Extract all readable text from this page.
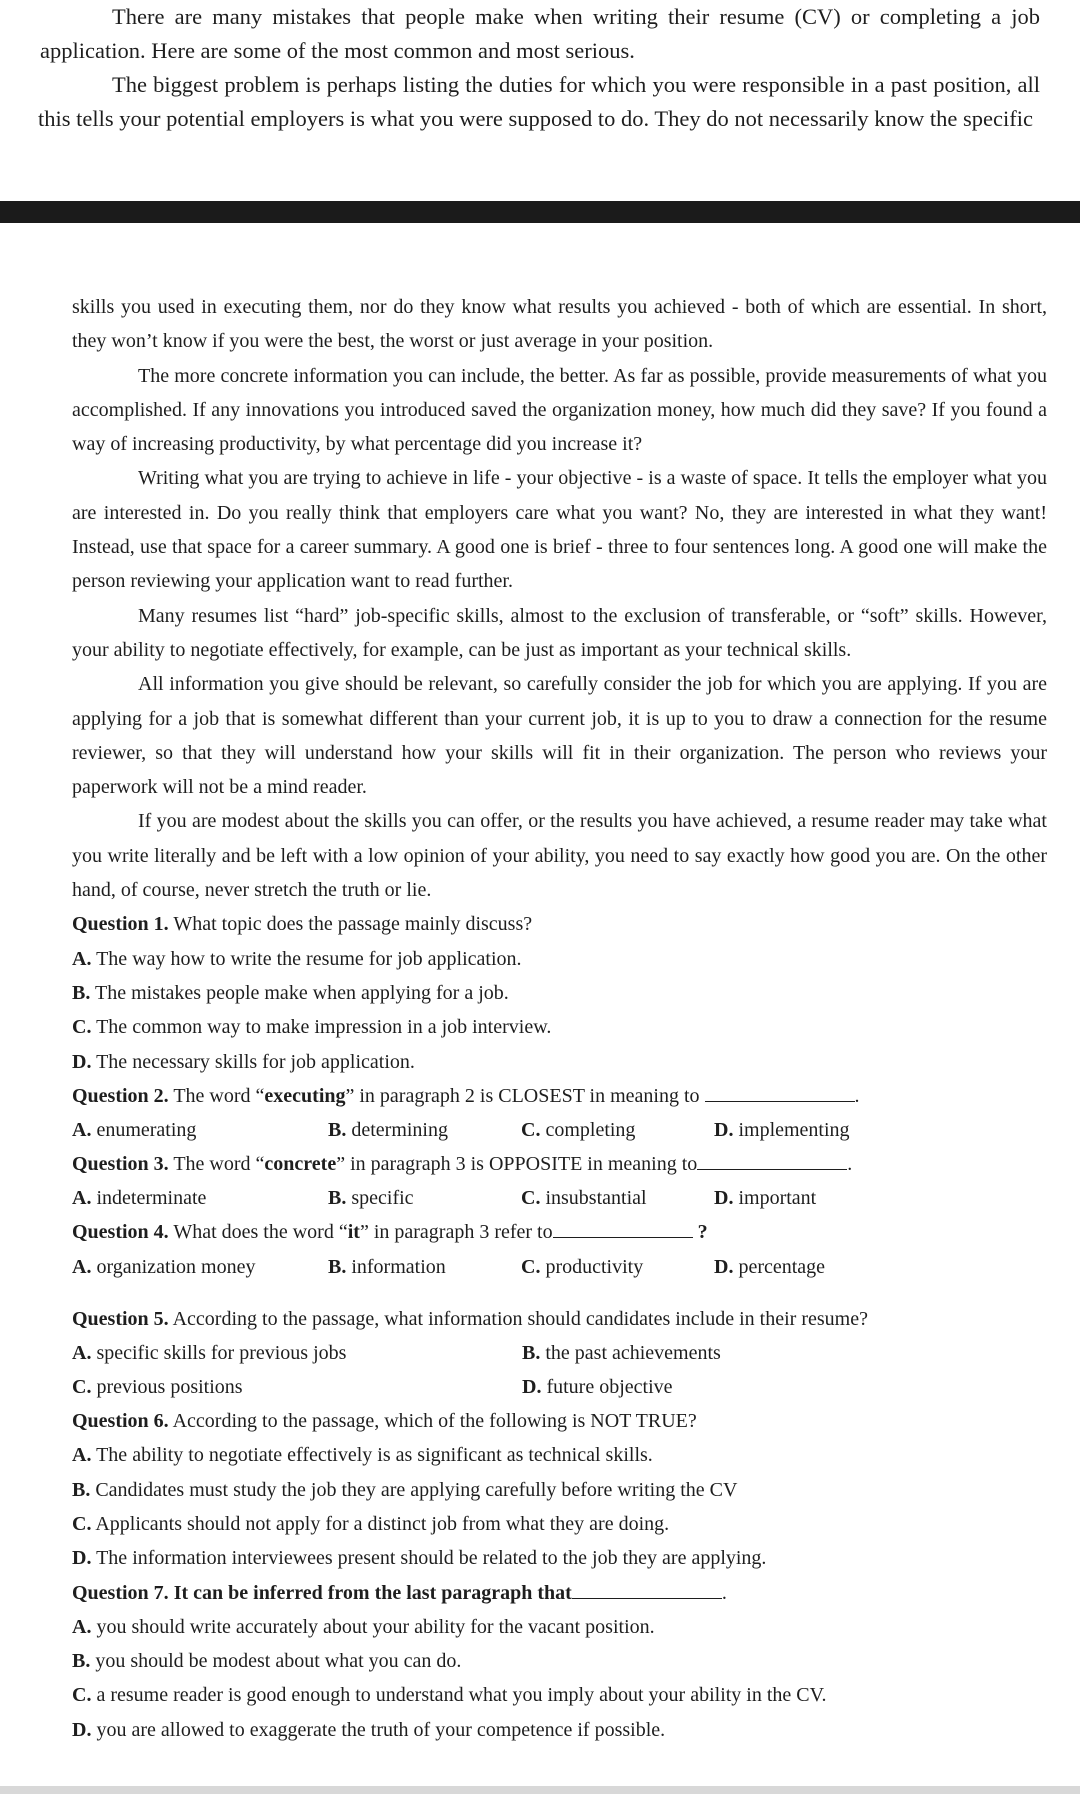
There are many mistakes that people make when writing their resume (CV) or completing a job application. Here are some of the most common and most serious.

The biggest problem is perhaps listing the duties for which you were responsible in a past position, all this tells your potential employers is what you were supposed to do. They do not necessarily know the specific

skills you used in executing them, nor do they know what results you achieved - both of which are essential. In short, they won’t know if you were the best, the worst or just average in your position.

The more concrete information you can include, the better. As far as possible, provide measurements of what you accomplished. If any innovations you introduced saved the organization money, how much did they save? If you found a way of increasing productivity, by what percentage did you increase it?

Writing what you are trying to achieve in life - your objective - is a waste of space. It tells the employer what you are interested in. Do you really think that employers care what you want? No, they are interested in what they want! Instead, use that space for a career summary. A good one is brief - three to four sentences long. A good one will make the person reviewing your application want to read further.

Many resumes list “hard” job-specific skills, almost to the exclusion of transferable, or “soft” skills. However, your ability to negotiate effectively, for example, can be just as important as your technical skills.

All information you give should be relevant, so carefully consider the job for which you are applying. If you are applying for a job that is somewhat different than your current job, it is up to you to draw a connection for the resume reviewer, so that they will understand how your skills will fit in their organization. The person who reviews your paperwork will not be a mind reader.

If you are modest about the skills you can offer, or the results you have achieved, a resume reader may take what you write literally and be left with a low opinion of your ability, you need to say exactly how good you are. On the other hand, of course, never stretch the truth or lie.

Question 1. What topic does the passage mainly discuss?

A. The way how to write the resume for job application.

B. The mistakes people make when applying for a job.

C. The common way to make impression in a job interview.

D. The necessary skills for job application.

Question 2. The word “executing” in paragraph 2 is CLOSEST in meaning to	.

A. enumerating	B. determining	C. completing	D. implementing

Question 3. The word “concrete” in paragraph 3 is OPPOSITE in meaning to	.

A. indeterminate	B. specific	C. insubstantial	D. important

Question 4. What does the word “it” in paragraph 3 refer to	?

A. organization money	B. information	C. productivity	D. percentage

Question 5. According to the passage, what information should candidates include in their resume?

A. specific skills for previous jobs	B. the past achievements
C. previous positions	D. future objective

Question 6. According to the passage, which of the following is NOT TRUE?

A. The ability to negotiate effectively is as significant as technical skills.

B. Candidates must study the job they are applying carefully before writing the CV

C. Applicants should not apply for a distinct job from what they are doing.

D. The information interviewees present should be related to the job they are applying.

Question 7. It can be inferred from the last paragraph that	.

A. you should write accurately about your ability for the vacant position.

B. you should be modest about what you can do.

C. a resume reader is good enough to understand what you imply about your ability in the CV.

D. you are allowed to exaggerate the truth of your competence if possible.
